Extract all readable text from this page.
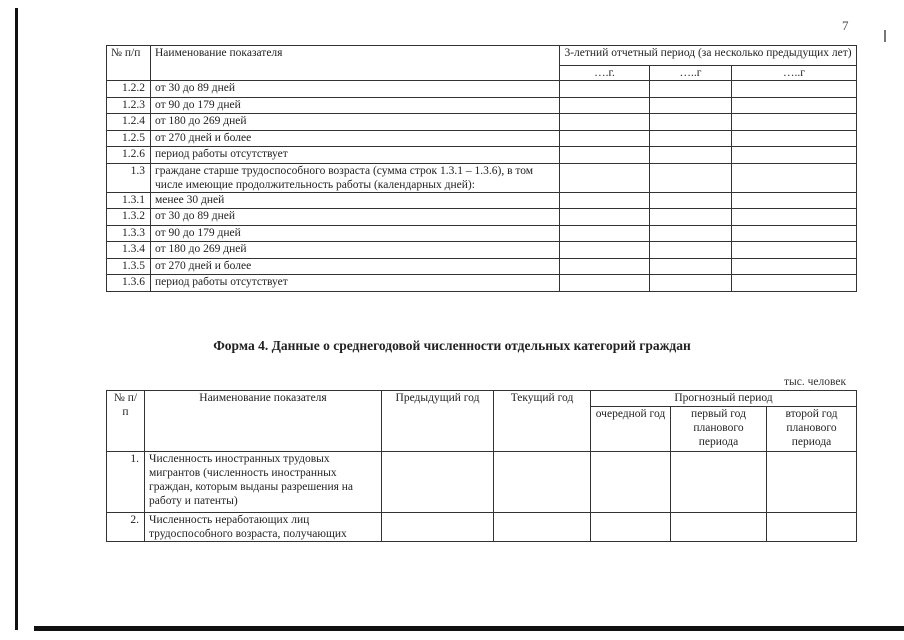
7
№ п/п	Наименование показателя	3-летний отчетный период (за несколько предыдущих лет)		
		….г.	…..г	…..г
1.2.2	от 30 до 89 дней			
1.2.3	от 90 до 179 дней			
1.2.4	от 180 до 269 дней			
1.2.5	от 270 дней и более			
1.2.6	период работы отсутствует			
1.3	граждане старше трудоспособного возраста (сумма строк 1.3.1 – 1.3.6), в том числе имеющие продолжительность работы (календарных дней):			
1.3.1	менее 30 дней			
1.3.2	от 30 до 89 дней			
1.3.3	от 90 до 179 дней			
1.3.4	от 180 до 269 дней			
1.3.5	от 270 дней и более			
1.3.6	период работы отсутствует			
Форма 4. Данные о среднегодовой численности отдельных категорий граждан
тыс. человек
№ п/п	Наименование показателя	Предыдущий год	Текущий год	Прогнозный период		
				очередной год	первый год планового периода	второй год планового периода
1.	Численность иностранных трудовых мигрантов (численность иностранных граждан, которым выданы разрешения на работу и патенты)					
2.	Численность неработающих лиц трудоспособного возраста, получающих					
